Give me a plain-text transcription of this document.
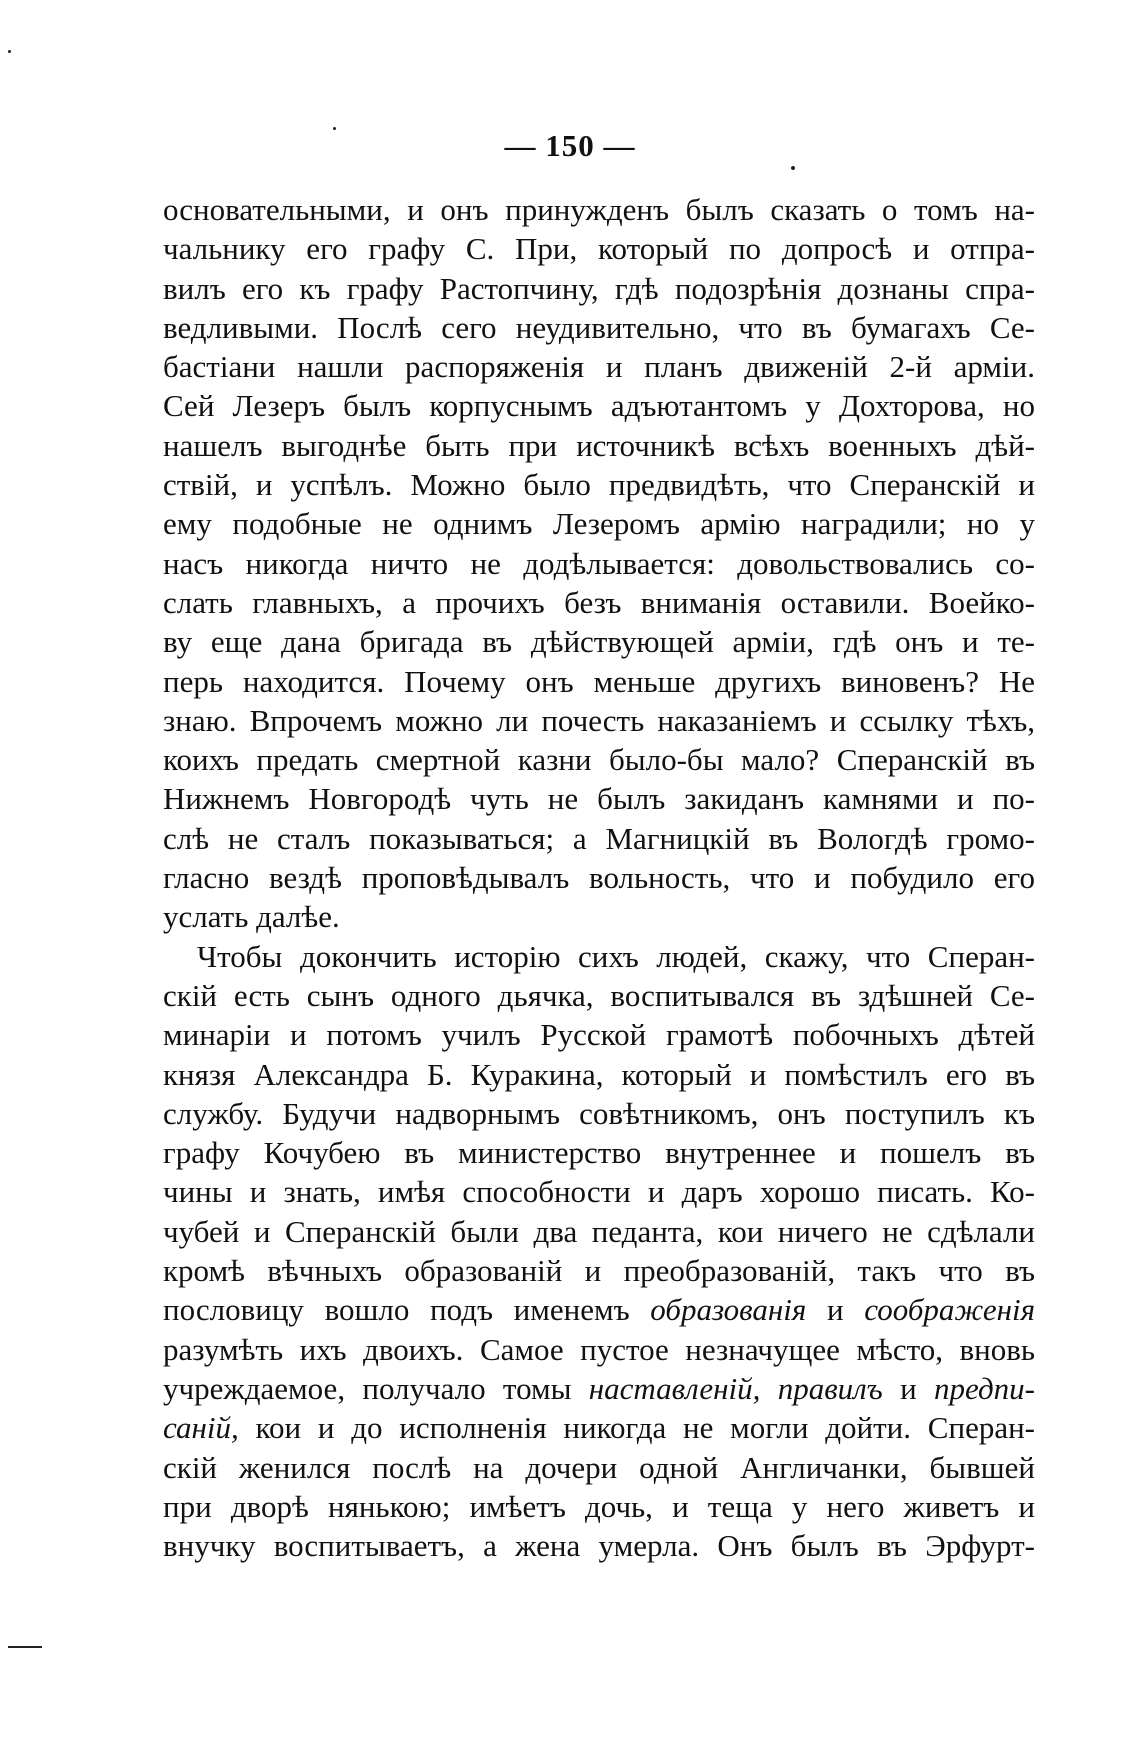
— 150 —
основательными, и онъ принужденъ былъ сказать о томъ на-
чальнику его графу С. При, который по допросѣ и отпра-
вилъ его къ графу Растопчину, гдѣ подозрѣнія дознаны спра-
ведливыми. Послѣ сего неудивительно, что въ бумагахъ Се-
бастіани нашли распоряженія и планъ движеній 2-й арміи.
Сей Лезеръ былъ корпуснымъ адъютантомъ у Дохторова, но
нашелъ выгоднѣе быть при источникѣ всѣхъ военныхъ дѣй-
ствій, и успѣлъ. Можно было предвидѣть, что Сперанскій и
ему подобные не однимъ Лезеромъ армію наградили; но у
насъ никогда ничто не додѣлывается: довольствовались со-
слать главныхъ, а прочихъ безъ вниманія оставили. Воейко-
ву еще дана бригада въ дѣйствующей арміи, гдѣ онъ и те-
перь находится. Почему онъ меньше другихъ виновенъ? Не
знаю. Впрочемъ можно ли почесть наказаніемъ и ссылку тѣхъ,
коихъ предать смертной казни было-бы мало? Сперанскій въ
Нижнемъ Новгородѣ чуть не былъ закиданъ камнями и по-
слѣ не сталъ показываться; а Магницкій въ Вологдѣ громо-
гласно вездѣ проповѣдывалъ вольность, что и побудило его
услать далѣе.
Чтобы докончить исторію сихъ людей, скажу, что Сперан-
скій есть сынъ одного дьячка, воспитывался въ здѣшней Се-
минаріи и потомъ училъ Русской грамотѣ побочныхъ дѣтей
князя Александра Б. Куракина, который и помѣстилъ его въ
службу. Будучи надворнымъ совѣтникомъ, онъ поступилъ къ
графу Кочубею въ министерство внутреннее и пошелъ въ
чины и знать, имѣя способности и даръ хорошо писать. Ко-
чубей и Сперанскій были два педанта, кои ничего не сдѣлали
кромѣ вѣчныхъ образованій и преобразованій, такъ что въ
пословицу вошло подъ именемъ образованія и соображенія
разумѣть ихъ двоихъ. Самое пустое незначущее мѣсто, вновь
учреждаемое, получало томы наставленій, правилъ и предпи-
саній, кои и до исполненія никогда не могли дойти. Сперан-
скій женился послѣ на дочери одной Англичанки, бывшей
при дворѣ нянькою; имѣетъ дочь, и теща у него живетъ и
внучку воспитываетъ, а жена умерла. Онъ былъ въ Эрфурт-
